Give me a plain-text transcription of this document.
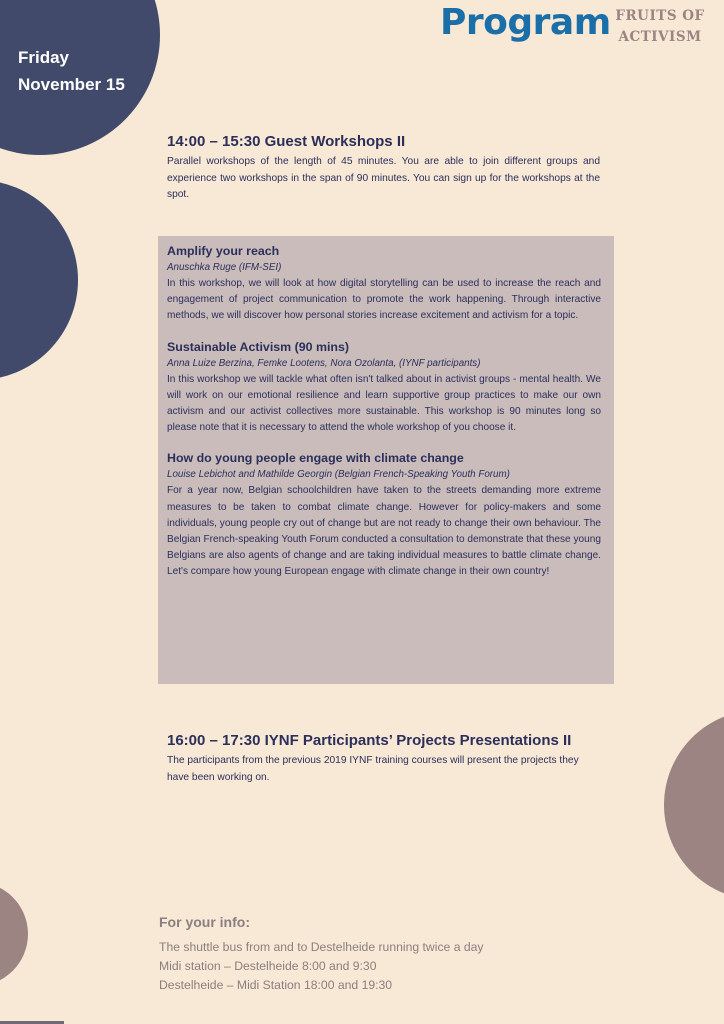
Friday
November 15
Program FRUITS OF
ACTIVISM
14:00 – 15:30 Guest Workshops II

Parallel workshops of the length of 45 minutes. You are able to join different groups and experience two workshops in the span of 90 minutes. You can sign up for the workshops at the spot.

Amplify your reach

Anuschka Ruge (IFM-SEI)

In this workshop, we will look at how digital storytelling can be used to increase the reach and engagement of project communication to promote the work happening. Through interactive methods, we will discover how personal stories increase excitement and activism for a topic.

Sustainable Activism (90 mins)

Anna Luize Berzina, Femke Lootens, Nora Ozolanta, (IYNF participants)

In this workshop we will tackle what often isn't talked about in activist groups - mental health. We will work on our emotional resilience and learn supportive group practices to make our own activism and our activist collectives more sustainable. This workshop is 90 minutes long so please note that it is necessary to attend the whole workshop of you choose it.

How do young people engage with climate change

Louise Lebichot and Mathilde Georgin (Belgian French-Speaking Youth Forum)

For a year now, Belgian schoolchildren have taken to the streets demanding more extreme measures to be taken to combat climate change. However for policy-makers and some individuals, young people cry out of change but are not ready to change their own behaviour. The Belgian French-speaking Youth Forum conducted a consultation to demonstrate that these young Belgians are also agents of change and are taking individual measures to battle climate change. Let's compare how young European engage with climate change in their own country!

16:00 – 17:30 IYNF Participants’ Projects Presentations II

The participants from the previous 2019 IYNF training courses will present the projects they have been working on.

For your info:

The shuttle bus from and to Destelheide running twice a day

Midi station – Destelheide 8:00 and 9:30

Destelheide – Midi Station 18:00 and 19:30
